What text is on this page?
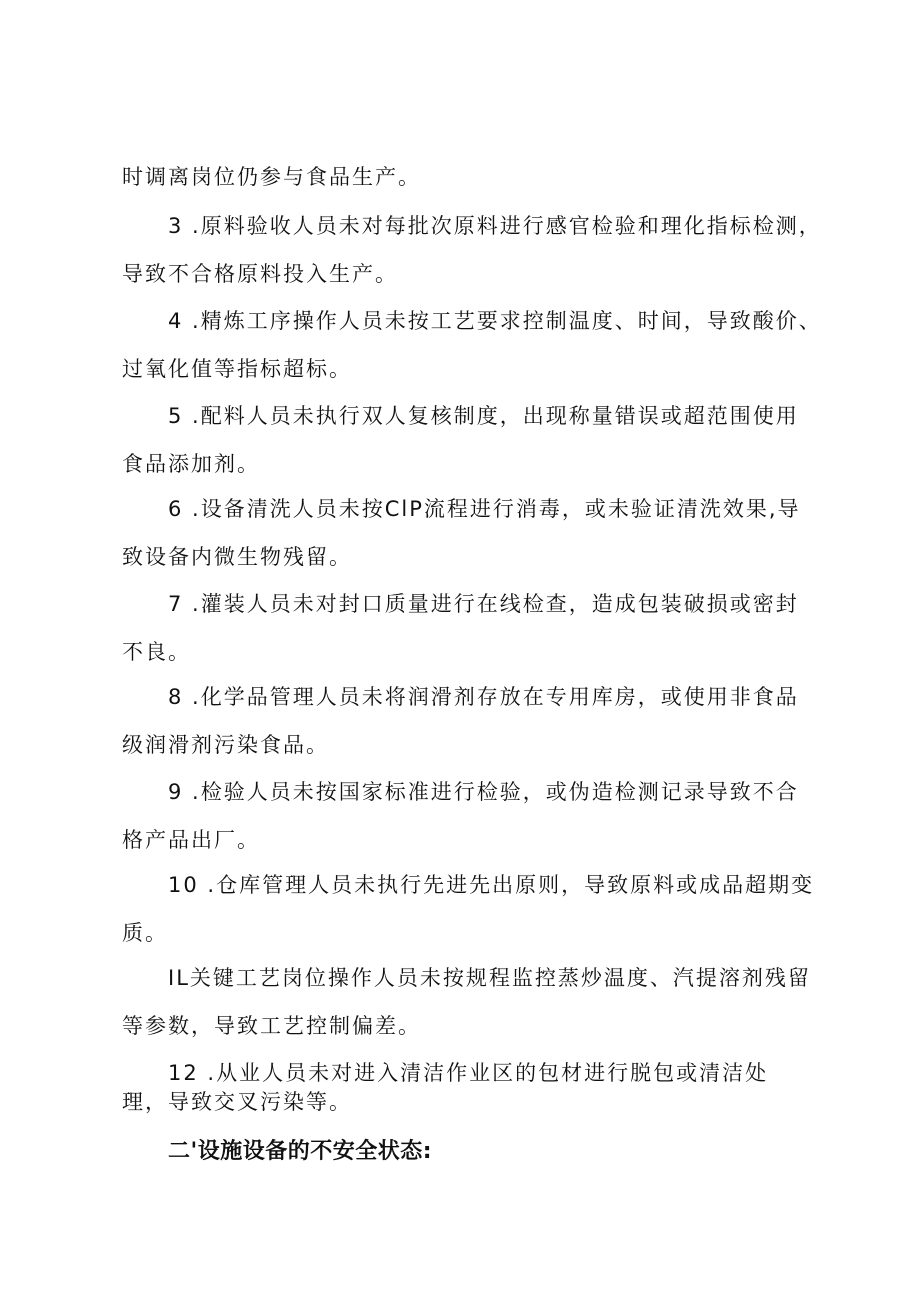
时调离岗位仍参与食品生产。
3 .原料验收人员未对每批次原料进行感官检验和理化指标检测，
导致不合格原料投入生产。
4 .精炼工序操作人员未按工艺要求控制温度、时间，导致酸价、
过氧化值等指标超标。
5 .配料人员未执行双人复核制度，出现称量错误或超范围使用
食品添加剂。
6 .设备清洗人员未按ClP流程进行消毒，或未验证清洗效果,导
致设备内微生物残留。
7 .灌装人员未对封口质量进行在线检查，造成包装破损或密封
不良。
8 .化学品管理人员未将润滑剂存放在专用库房，或使用非食品
级润滑剂污染食品。
9 .检验人员未按国家标准进行检验，或伪造检测记录导致不合
格产品出厂。
10 .仓库管理人员未执行先进先出原则，导致原料或成品超期变
质。
IL关键工艺岗位操作人员未按规程监控蒸炒温度、汽提溶剂残留
等参数，导致工艺控制偏差。
12 .从业人员未对进入清洁作业区的包材进行脱包或清洁处
理，导致交叉污染等。
二'设施设备的不安全状态:
